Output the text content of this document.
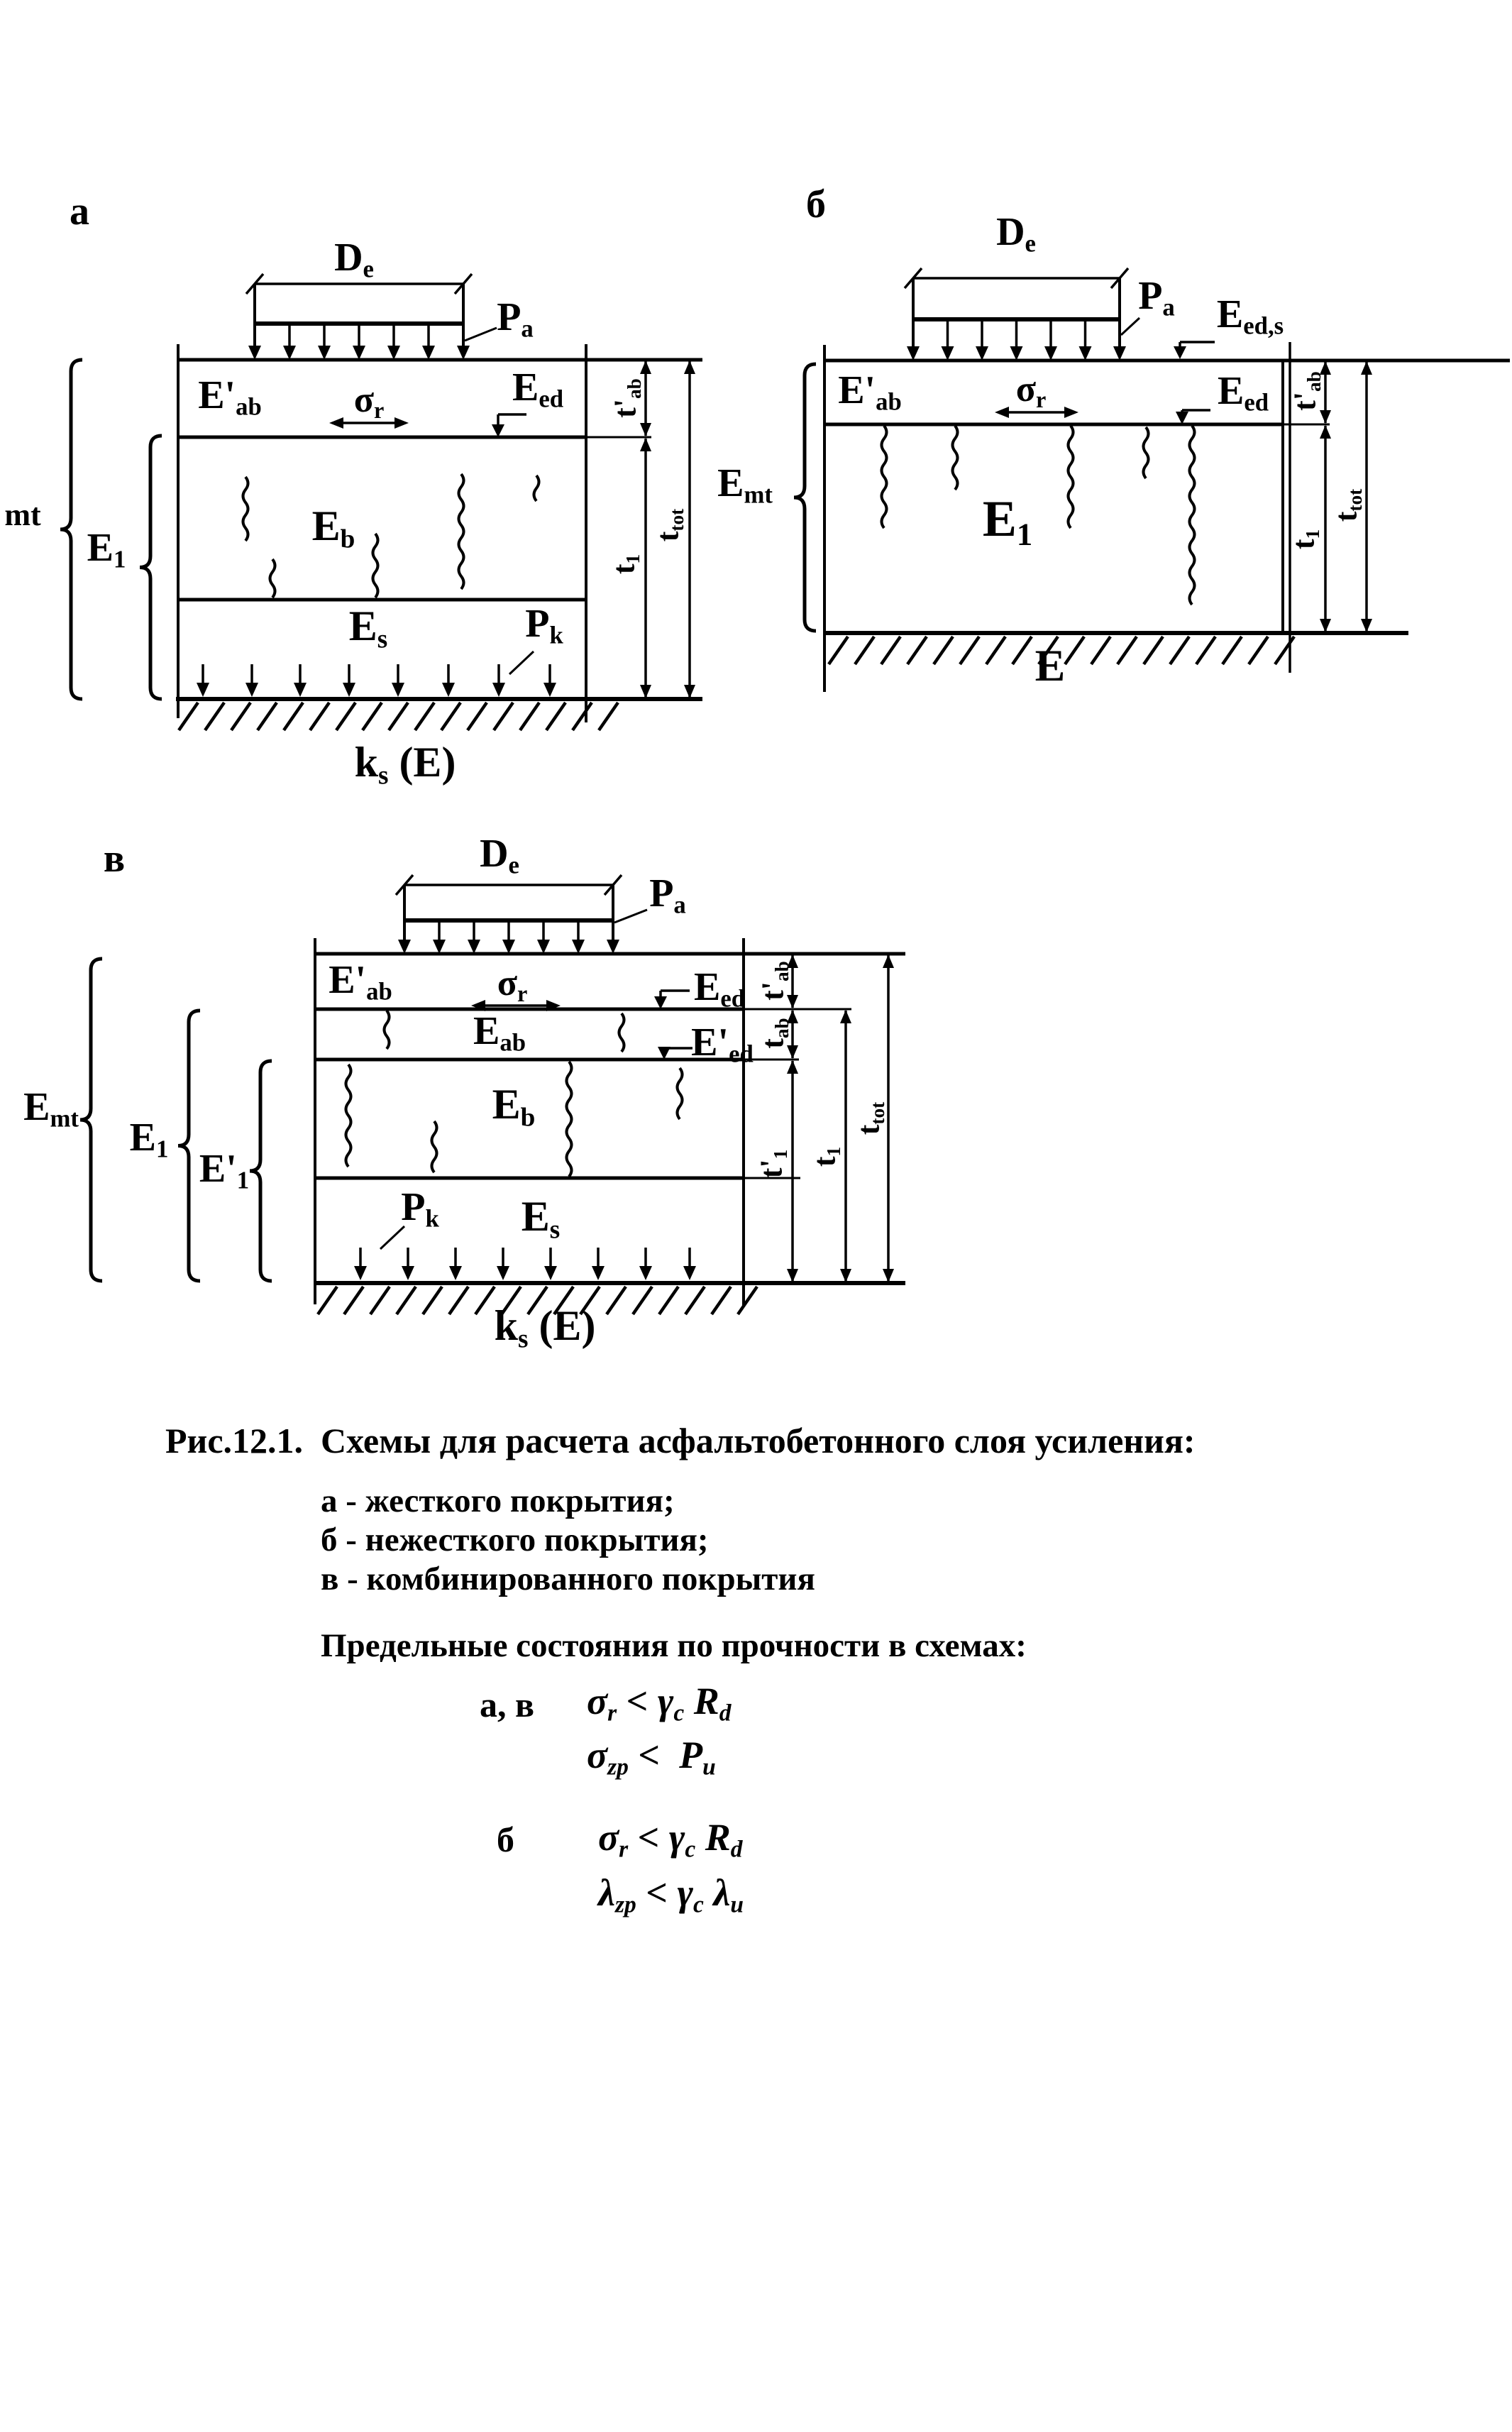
а
$D_e$
$P_a$
$E'_{ab}$ $\sigma_r$
$E_{ed}$
$E_b$
$E_s$	$P_k$
$k_s$ (E)
mt
$E_1$
$t'_{ab}$
$t_1$
$t_{tot}$
б
$D_e$
$P_a$ $E_{ed,s}$
$E'_{ab}$	$\sigma_r$	$E_{ed}$
$E_1$
E
$E_{mt}$
$t'_{ab}$
$t_1$
$t_{tot}$
в	$D_e$
$P_a$
$E'_{ab}$	$\sigma_r$	$E_{ed}$
$E_{ab}$	$E'_{ed}$
$E_b$
$P_k$ $E_s$
$k_s$ (E)
$E_{mt}$ $E_1$ $E'_1$
$t'_{ab}$
$t_{ab}$
$t'_1$
$t_1$
$t_{tot}$
Рис.12.1.  Схемы для расчета асфальтобетонного слоя усиления:
а - жесткого покрытия;
б - нежесткого покрытия;
в - комбинированного покрытия
Предельные состояния по прочности в схемах:
а, в $\sigma_r < \gamma_c$ $R_d$
$\sigma_{zp} < P_u$
б $\sigma_r < \gamma_c$ $R_d$
$\lambda_{zp} < \gamma_c$ $\lambda_u$
